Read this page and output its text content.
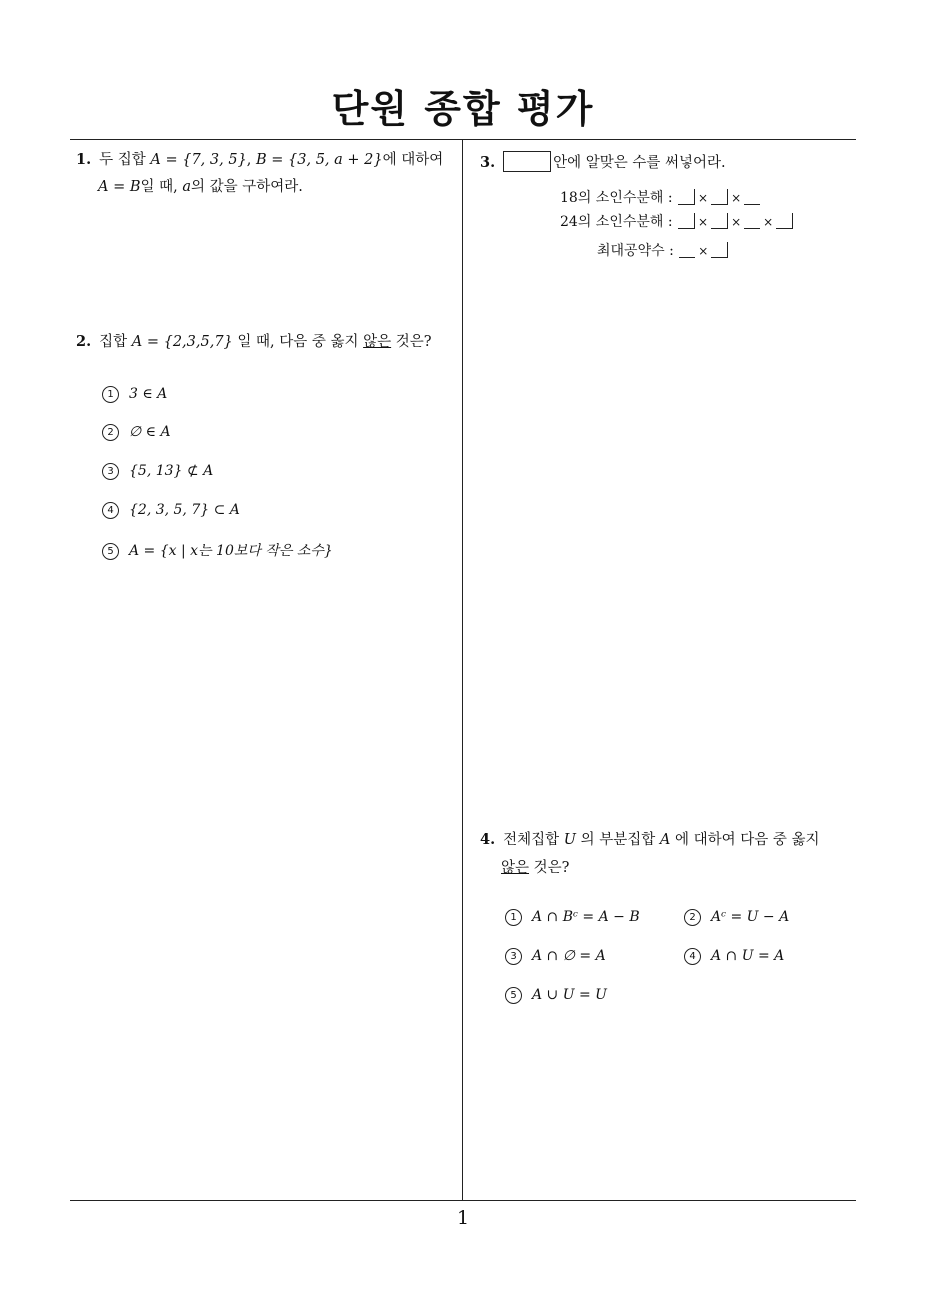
단원 종합 평가
1
1. 두 집합 A = {7, 3, 5}, B = {3, 5, a + 2}에 대하여
A = B일 때, a의 값을 구하여라.
2. 집합 A = {2,3,5,7} 일 때, 다음 중 옳지 않은 것은?
1 3 ∈ A
2 ∅ ∈ A
3 {5, 13} ⊄ A
4 {2, 3, 5, 7} ⊂ A
5 A = {x | x는 10보다 작은 소수}
3.	안에 알맞은 수를 써넣어라.
18의 소인수분해 : × ×
24의 소인수분해 : × × ×
최대공약수 : ×
4. 전체집합 U 의 부분집합 A 에 대하여 다음 중 옳지
않은 것은?
1 A ∩ Bᶜ = A − B	2 Aᶜ = U − A
3 A ∩ ∅ = A	4 A ∩ U = A
5 A ∪ U = U
